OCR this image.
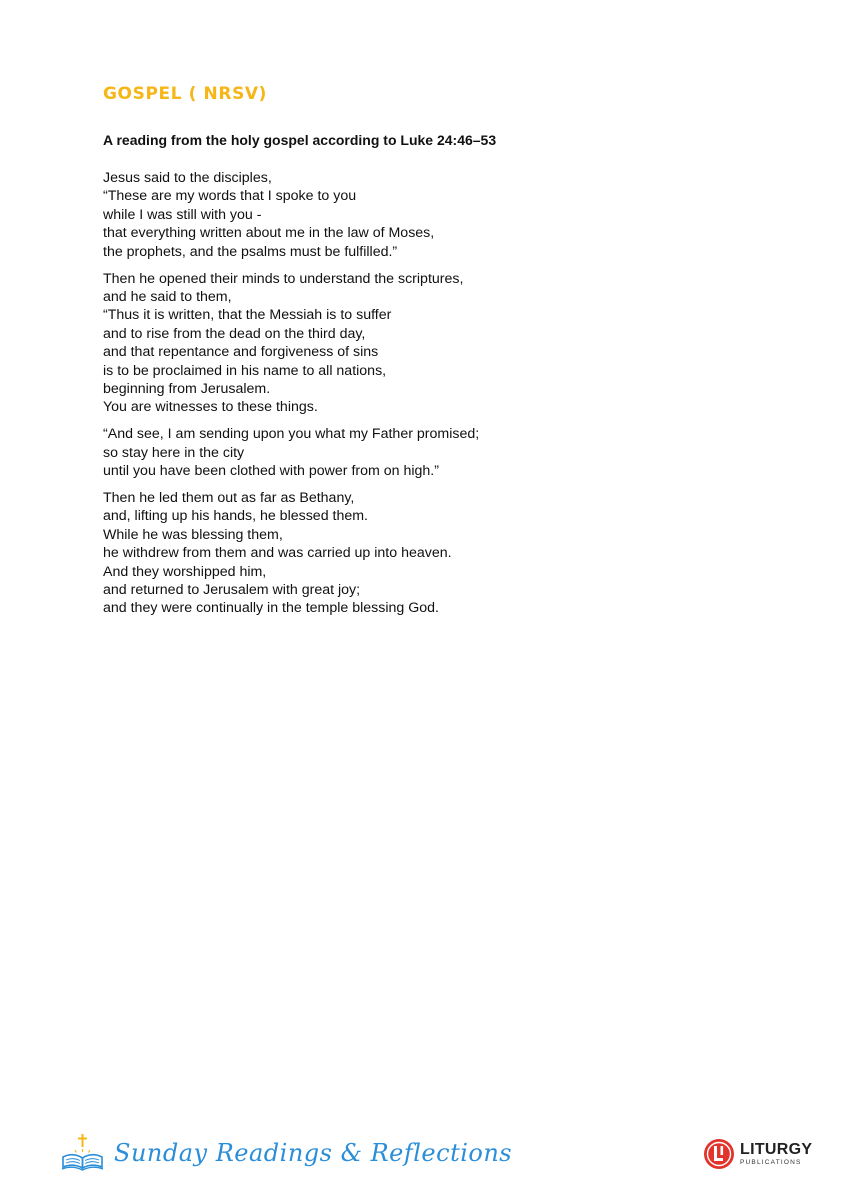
GOSPEL ( NRSV)

A reading from the holy gospel according to Luke 24:46–53

Jesus said to the disciples,
“These are my words that I spoke to you
while I was still with you -
that everything written about me in the law of Moses,
the prophets, and the psalms must be fulfilled.”

Then he opened their minds to understand the scriptures,
and he said to them,
“Thus it is written, that the Messiah is to suffer
and to rise from the dead on the third day,
and that repentance and forgiveness of sins
is to be proclaimed in his name to all nations,
beginning from Jerusalem.
You are witnesses to these things.

“And see, I am sending upon you what my Father promised;
so stay here in the city
until you have been clothed with power from on high.”

Then he led them out as far as Bethany,
and, lifting up his hands, he blessed them.
While he was blessing them,
he withdrew from them and was carried up into heaven.
And they worshipped him,
and returned to Jerusalem with great joy;
and they were continually in the temple blessing God.

Sunday Readings & Reflections	LITURGY
PUBLICATIONS
